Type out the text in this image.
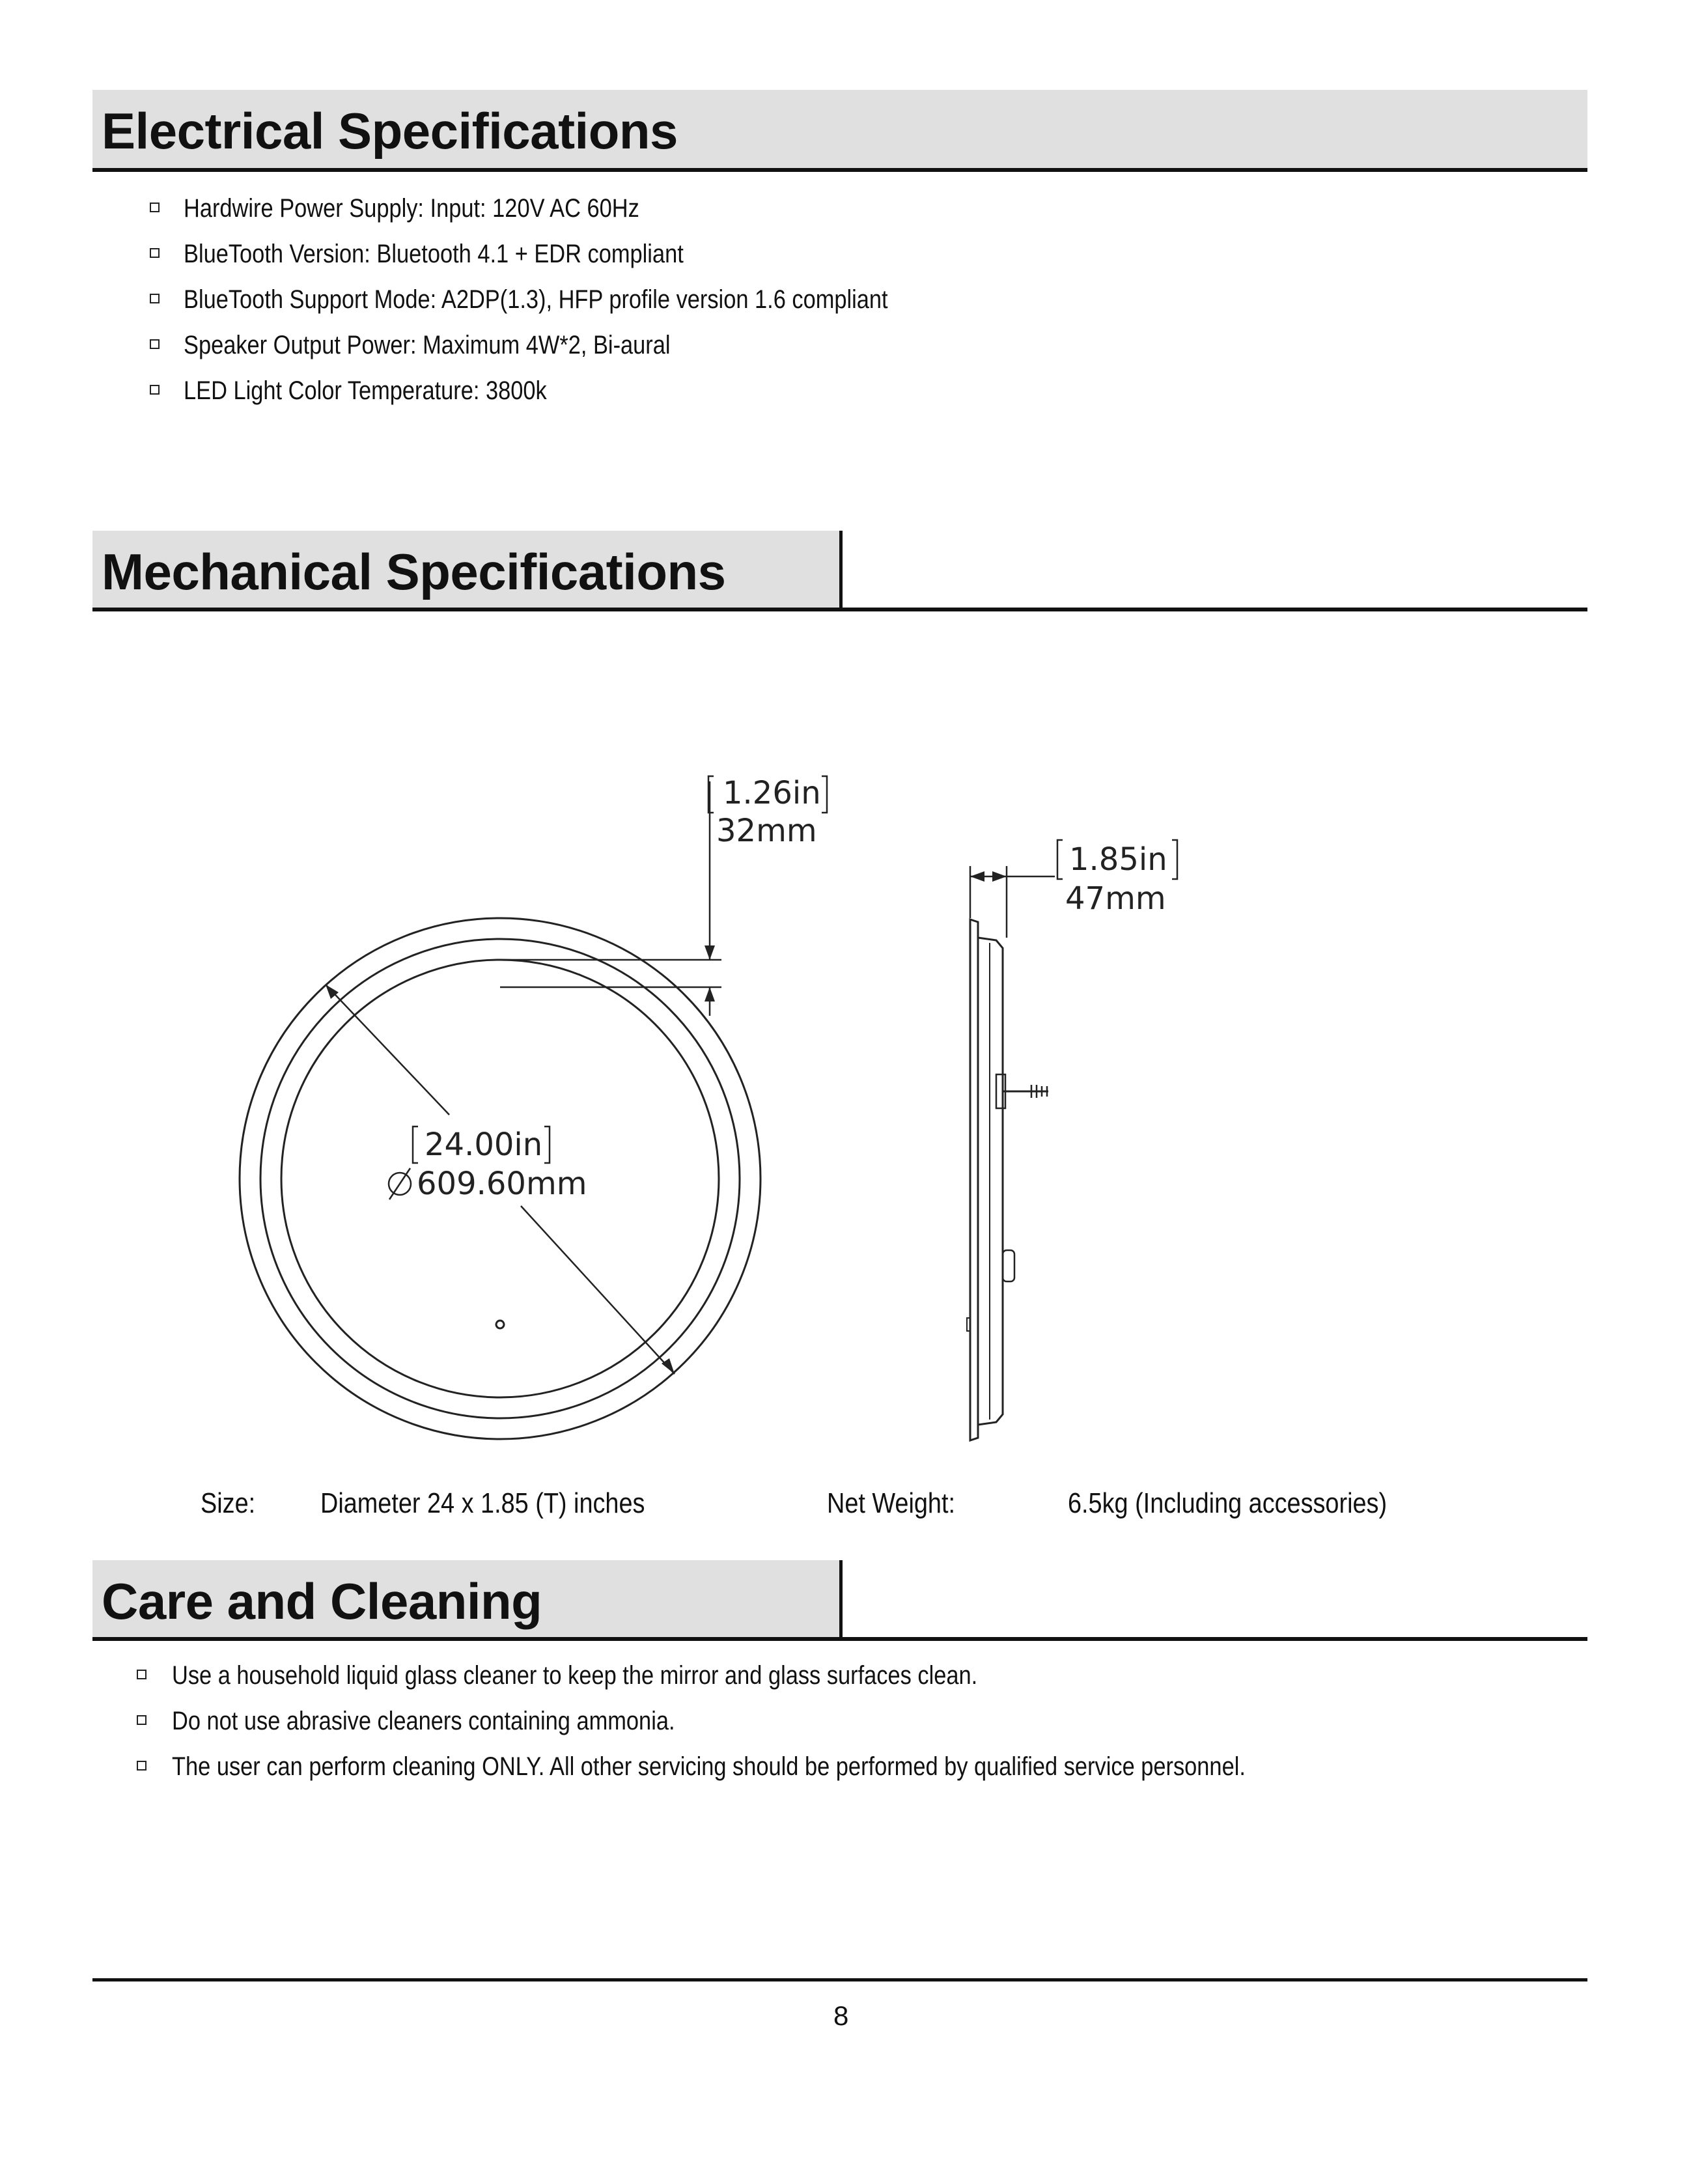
Electrical Specifications
Hardwire Power Supply: Input: 120V AC 60Hz
BlueTooth Version: Bluetooth 4.1 + EDR compliant
BlueTooth Support Mode: A2DP(1.3), HFP profile version 1.6 compliant
Speaker Output Power: Maximum 4W*2, Bi-aural
LED Light Color Temperature: 3800k
Mechanical Specifications
1.26in
32mm
1.85in
47mm
24.00in
609.60mm
Size: Diameter 24 x 1.85 (T) inches	Net Weight:	6.5kg (Including accessories)
Care and Cleaning
Use a household liquid glass cleaner to keep the mirror and glass surfaces clean.
Do not use abrasive cleaners containing ammonia.
The user can perform cleaning ONLY. All other servicing should be performed by qualified service personnel.
8
